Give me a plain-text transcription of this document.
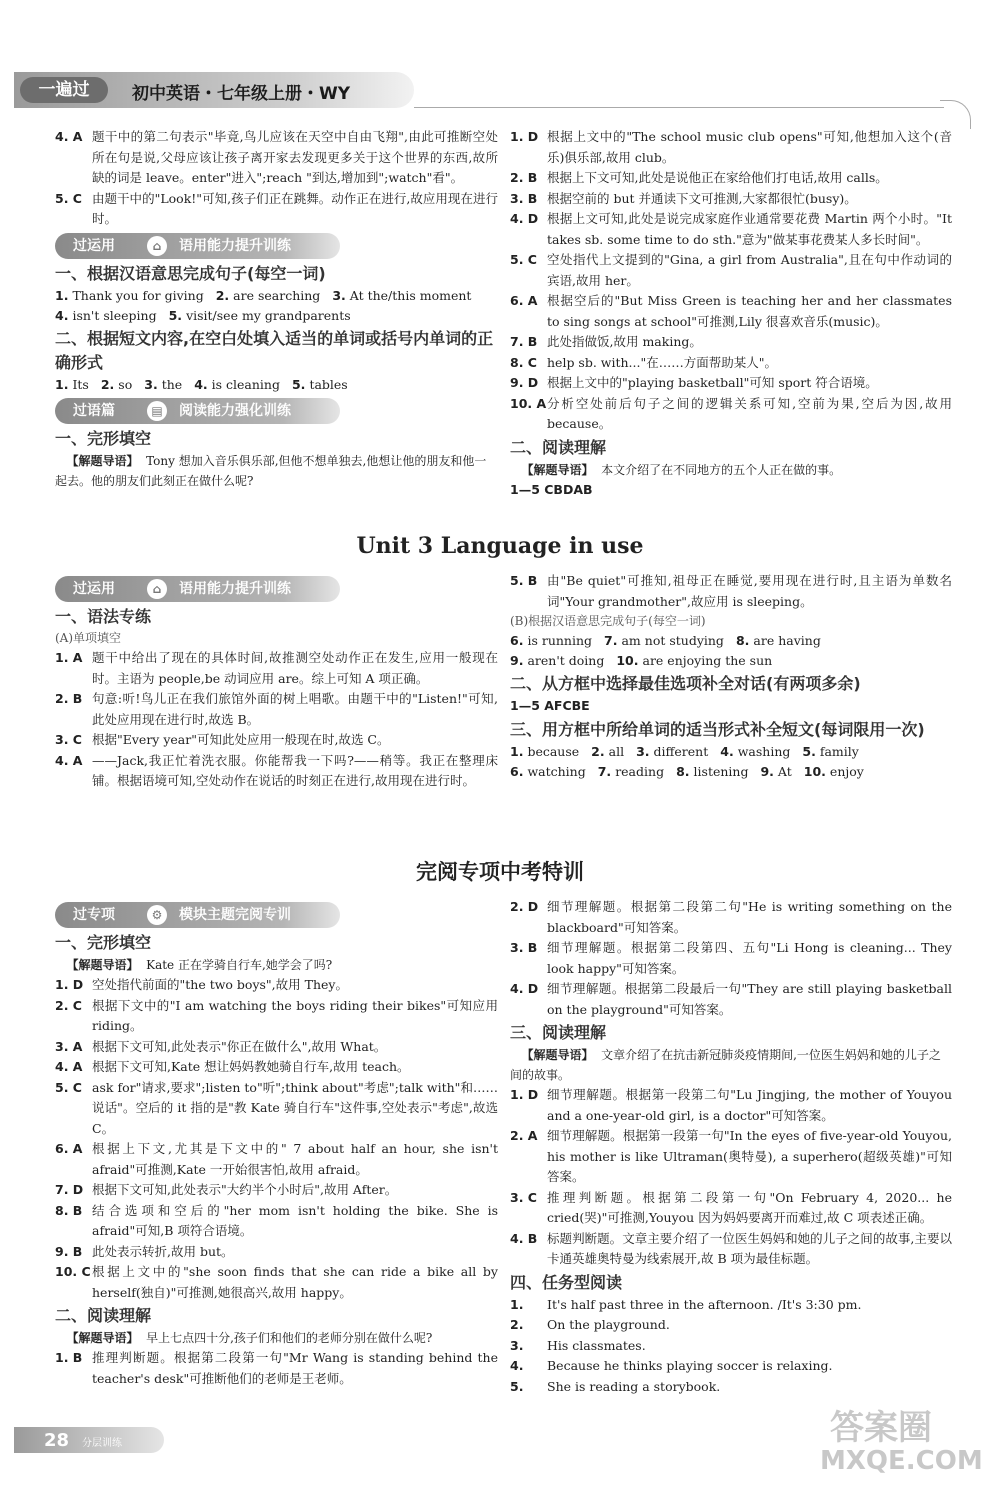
一遍过	初中英语・七年级上册・WY
4. A 题干中的第二句表示"毕竟,鸟儿应该在天空中自由飞翔",由此可推断空处所在句是说,父母应该让孩子离开家去发现更多关于这个世界的东西,故所缺的词是 leave。enter"进入";reach "到达,增加到";watch"看"。
5. C 由题干中的"Look!"可知,孩子们正在跳舞。动作正在进行,故应用现在进行时。
过运用	⌂	语用能力提升训练
一、根据汉语意思完成句子(每空一词)
1. Thank you for giving 2. are searching 3. At the/this moment
4. isn't sleeping 5. visit/see my grandparents
二、根据短文内容,在空白处填入适当的单词或括号内单词的正确形式
1. Its 2. so 3. the 4. is cleaning 5. tables
过语篇	▤	阅读能力强化训练
一、完形填空
【解题导语】 Tony 想加入音乐俱乐部,但他不想单独去,他想让他的朋友和他一起去。他的朋友们此刻正在做什么呢?
1. D 根据上文中的"The school music club opens"可知,他想加入这个(音乐)俱乐部,故用 club。
2. B 根据上下文可知,此处是说他正在家给他们打电话,故用 calls。
3. B 根据空前的 but 并通读下文可推测,大家都很忙(busy)。
4. D 根据上文可知,此处是说完成家庭作业通常要花费 Martin 两个小时。"It takes sb. some time to do sth."意为"做某事花费某人多长时间"。
5. C 空处指代上文提到的"Gina, a girl from Australia",且在句中作动词的宾语,故用 her。
6. A 根据空后的"But Miss Green is teaching her and her classmates to sing songs at school"可推测,Lily 很喜欢音乐(music)。
7. B 此处指做饭,故用 making。
8. C help sb. with..."在……方面帮助某人"。
9. D 根据上文中的"playing basketball"可知 sport 符合语境。
10. A 分析空处前后句子之间的逻辑关系可知,空前为果,空后为因,故用 because。
二、阅读理解
【解题导语】 本文介绍了在不同地方的五个人正在做的事。
1—5 CBDAB
Unit 3 Language in use
过运用	⌂	语用能力提升训练
一、语法专练
(A)单项填空
1. A 题干中给出了现在的具体时间,故推测空处动作正在发生,应用一般现在时。主语为 people,be 动词应用 are。综上可知 A 项正确。
2. B 句意:听!鸟儿正在我们旅馆外面的树上唱歌。由题干中的"Listen!"可知,此处应用现在进行时,故选 B。
3. C 根据"Every year"可知此处应用一般现在时,故选 C。
4. A ——Jack,我正忙着洗衣服。你能帮我一下吗?——稍等。我正在整理床铺。根据语境可知,空处动作在说话的时刻正在进行,故用现在进行时。
5. B 由"Be quiet"可推知,祖母正在睡觉,要用现在进行时,且主语为单数名词"Your grandmother",故应用 is sleeping。
(B)根据汉语意思完成句子(每空一词)
6. is running 7. am not studying 8. are having
9. aren't doing 10. are enjoying the sun
二、从方框中选择最佳选项补全对话(有两项多余)
1—5 AFCBE
三、用方框中所给单词的适当形式补全短文(每词限用一次)
1. because 2. all 3. different 4. washing 5. family
6. watching 7. reading 8. listening 9. At 10. enjoy
完阅专项中考特训
过专项	⚙	模块主题完阅专训
一、完形填空
【解题导语】 Kate 正在学骑自行车,她学会了吗?
1. D 空处指代前面的"the two boys",故用 They。
2. C 根据下文中的"I am watching the boys riding their bikes"可知应用 riding。
3. A 根据下文可知,此处表示"你正在做什么",故用 What。
4. A 根据下文可知,Kate 想让妈妈教她骑自行车,故用 teach。
5. C ask for"请求,要求";listen to"听";think about"考虑";talk with"和……说话"。空后的 it 指的是"教 Kate 骑自行车"这件事,空处表示"考虑",故选 C。
6. A 根据上下文,尤其是下文中的" 7 about half an hour, she isn't afraid"可推测,Kate 一开始很害怕,故用 afraid。
7. D 根据下文可知,此处表示"大约半个小时后",故用 After。
8. B 结合选项和空后的"her mom isn't holding the bike. She is afraid"可知,B 项符合语境。
9. B 此处表示转折,故用 but。
10. C 根据上文中的"she soon finds that she can ride a bike all by herself(独自)"可推测,她很高兴,故用 happy。
二、阅读理解
【解题导语】 早上七点四十分,孩子们和他们的老师分别在做什么呢?
1. B 推理判断题。根据第二段第一句"Mr Wang is standing behind the teacher's desk"可推断他们的老师是王老师。
2. D 细节理解题。根据第二段第二句"He is writing something on the blackboard"可知答案。
3. B 细节理解题。根据第二段第四、五句"Li Hong is cleaning... They look happy"可知答案。
4. D 细节理解题。根据第二段最后一句"They are still playing basketball on the playground"可知答案。
三、阅读理解
【解题导语】 文章介绍了在抗击新冠肺炎疫情期间,一位医生妈妈和她的儿子之间的故事。
1. D 细节理解题。根据第一段第二句"Lu Jingjing, the mother of Youyou and a one-year-old girl, is a doctor"可知答案。
2. A 细节理解题。根据第一段第一句"In the eyes of five-year-old Youyou, his mother is like Ultraman(奥特曼), a superhero(超级英雄)"可知答案。
3. C 推理判断题。根据第二段第一句"On February 4, 2020... he cried(哭)"可推测,Youyou 因为妈妈要离开而难过,故 C 项表述正确。
4. B 标题判断题。文章主要介绍了一位医生妈妈和她的儿子之间的故事,主要以卡通英雄奥特曼为线索展开,故 B 项为最佳标题。
四、任务型阅读
1.	It's half past three in the afternoon. /It's 3:30 pm.
2.	On the playground.
3.	His classmates.
4.	Because he thinks playing soccer is relaxing.
5.	She is reading a storybook.
28 分层训练	答案圈
MXQE.COM
